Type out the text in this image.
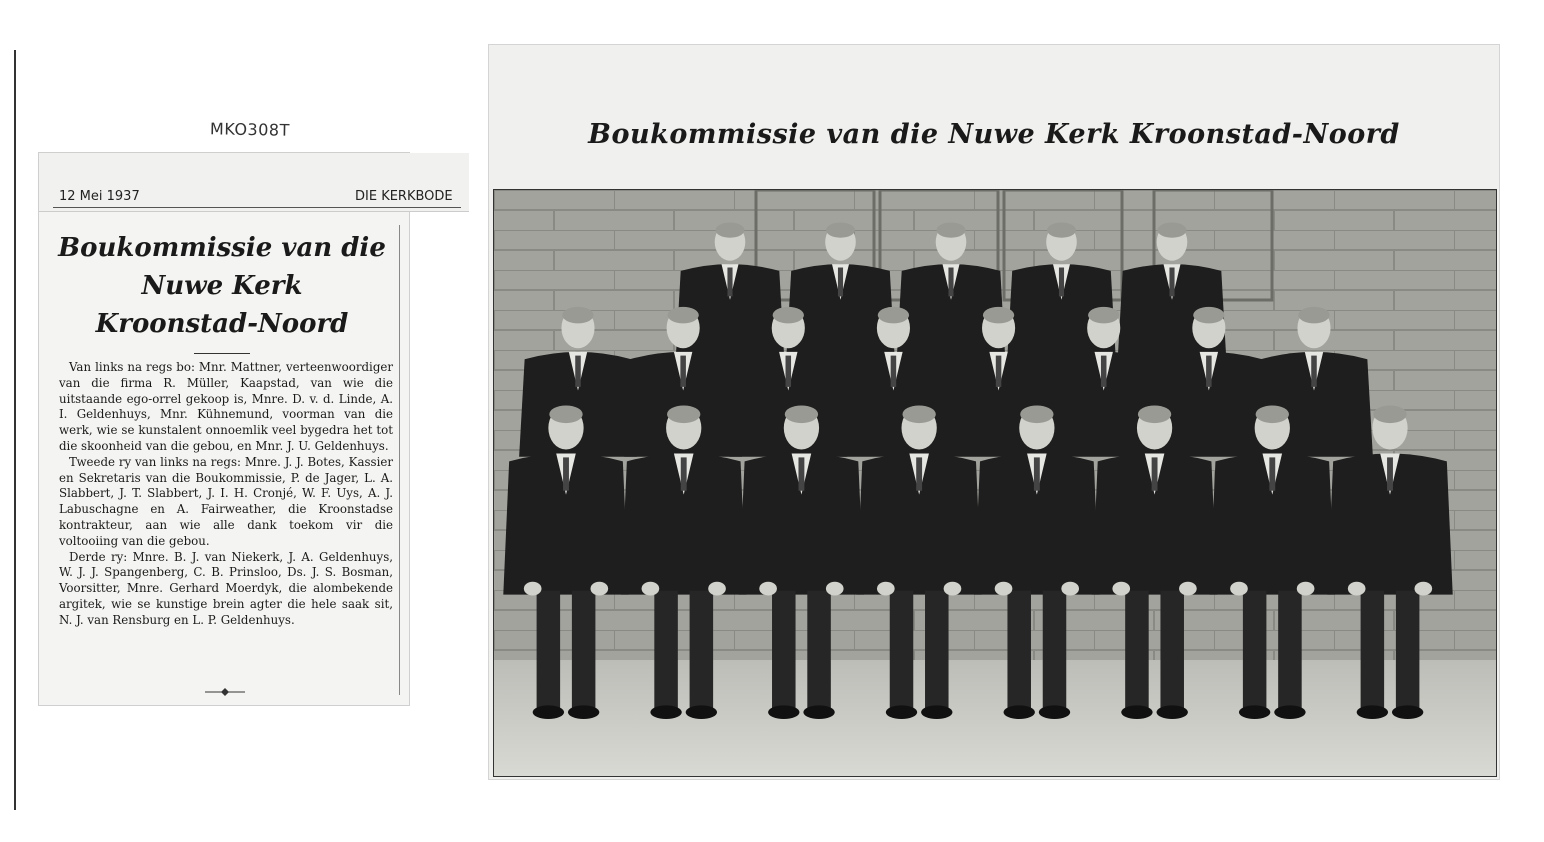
MKO308T
12 Mei 1937	DIE KERKBODE
Boukommissie van die
Nuwe Kerk
Kroonstad-Noord

Van links na regs bo: Mnr. Mattner, verteenwoordiger van die firma R. Müller, Kaapstad, van wie die uitstaande ego-orrel gekoop is, Mnre. D. v. d. Linde, A. I. Geldenhuys, Mnr. Kühnemund, voorman van die werk, wie se kunstalent onnoemlik veel bygedra het tot die skoonheid van die gebou, en Mnr. J. U. Geldenhuys.

Tweede ry van links na regs: Mnre. J. J. Botes, Kassier en Sekretaris van die Boukommissie, P. de Jager, L. A. Slabbert, J. T. Slabbert, J. I. H. Cronjé, W. F. Uys, A. J. Labuschagne en A. Fairweather, die Kroonstadse kontrakteur, aan wie alle dank toekom vir die voltooiing van die gebou.

Derde ry: Mnre. B. J. van Niekerk, J. A. Geldenhuys, W. J. J. Spangenberg, C. B. Prinsloo, Ds. J. S. Bosman, Voorsitter, Mnre. Gerhard Moerdyk, die alombekende argitek, wie se kunstige brein agter die hele saak sit, N. J. van Rensburg en L. P. Geldenhuys.

Boukommissie van die Nuwe Kerk Kroonstad-Noord
